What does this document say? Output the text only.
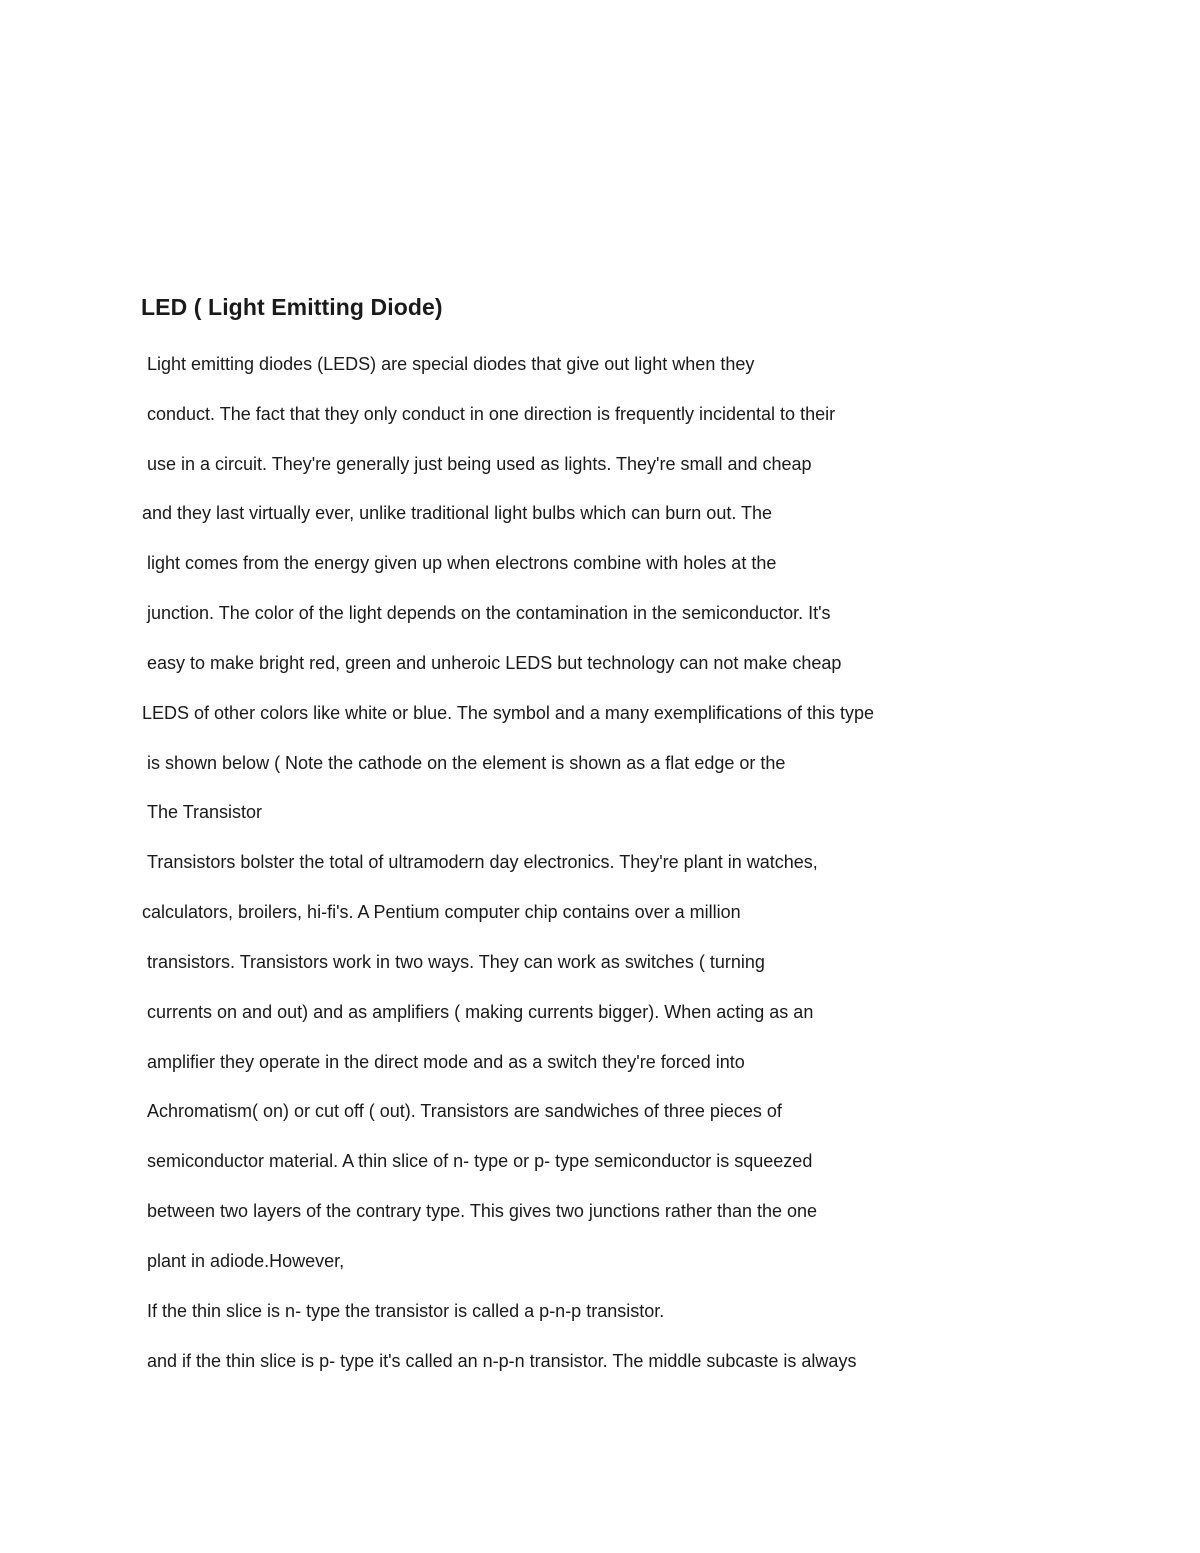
LED ( Light Emitting Diode)
Light emitting diodes (LEDS) are special diodes that give out light when they
conduct. The fact that they only conduct in one direction is frequently incidental to their
use in a circuit. They're generally just being used as lights. They're small and cheap
and they last virtually ever, unlike traditional light bulbs which can burn out. The
light comes from the energy given up when electrons combine with holes at the
junction. The color of the light depends on the contamination in the semiconductor. It's
easy to make bright red, green and unheroic LEDS but technology can not make cheap
LEDS of other colors like white or blue. The symbol and a many exemplifications of this type
is shown below ( Note the cathode on the element is shown as a flat edge or the
The Transistor
Transistors bolster the total of ultramodern day electronics. They're plant in watches,
calculators, broilers, hi-fi's. A Pentium computer chip contains over a million
transistors. Transistors work in two ways. They can work as switches ( turning
currents on and out) and as amplifiers ( making currents bigger). When acting as an
amplifier they operate in the direct mode and as a switch they're forced into
Achromatism( on) or cut off ( out). Transistors are sandwiches of three pieces of
semiconductor material. A thin slice of n- type or p- type semiconductor is squeezed
between two layers of the contrary type. This gives two junctions rather than the one
plant in adiode.However,
If the thin slice is n- type the transistor is called a p-n-p transistor.
and if the thin slice is p- type it's called an n-p-n transistor. The middle subcaste is always
